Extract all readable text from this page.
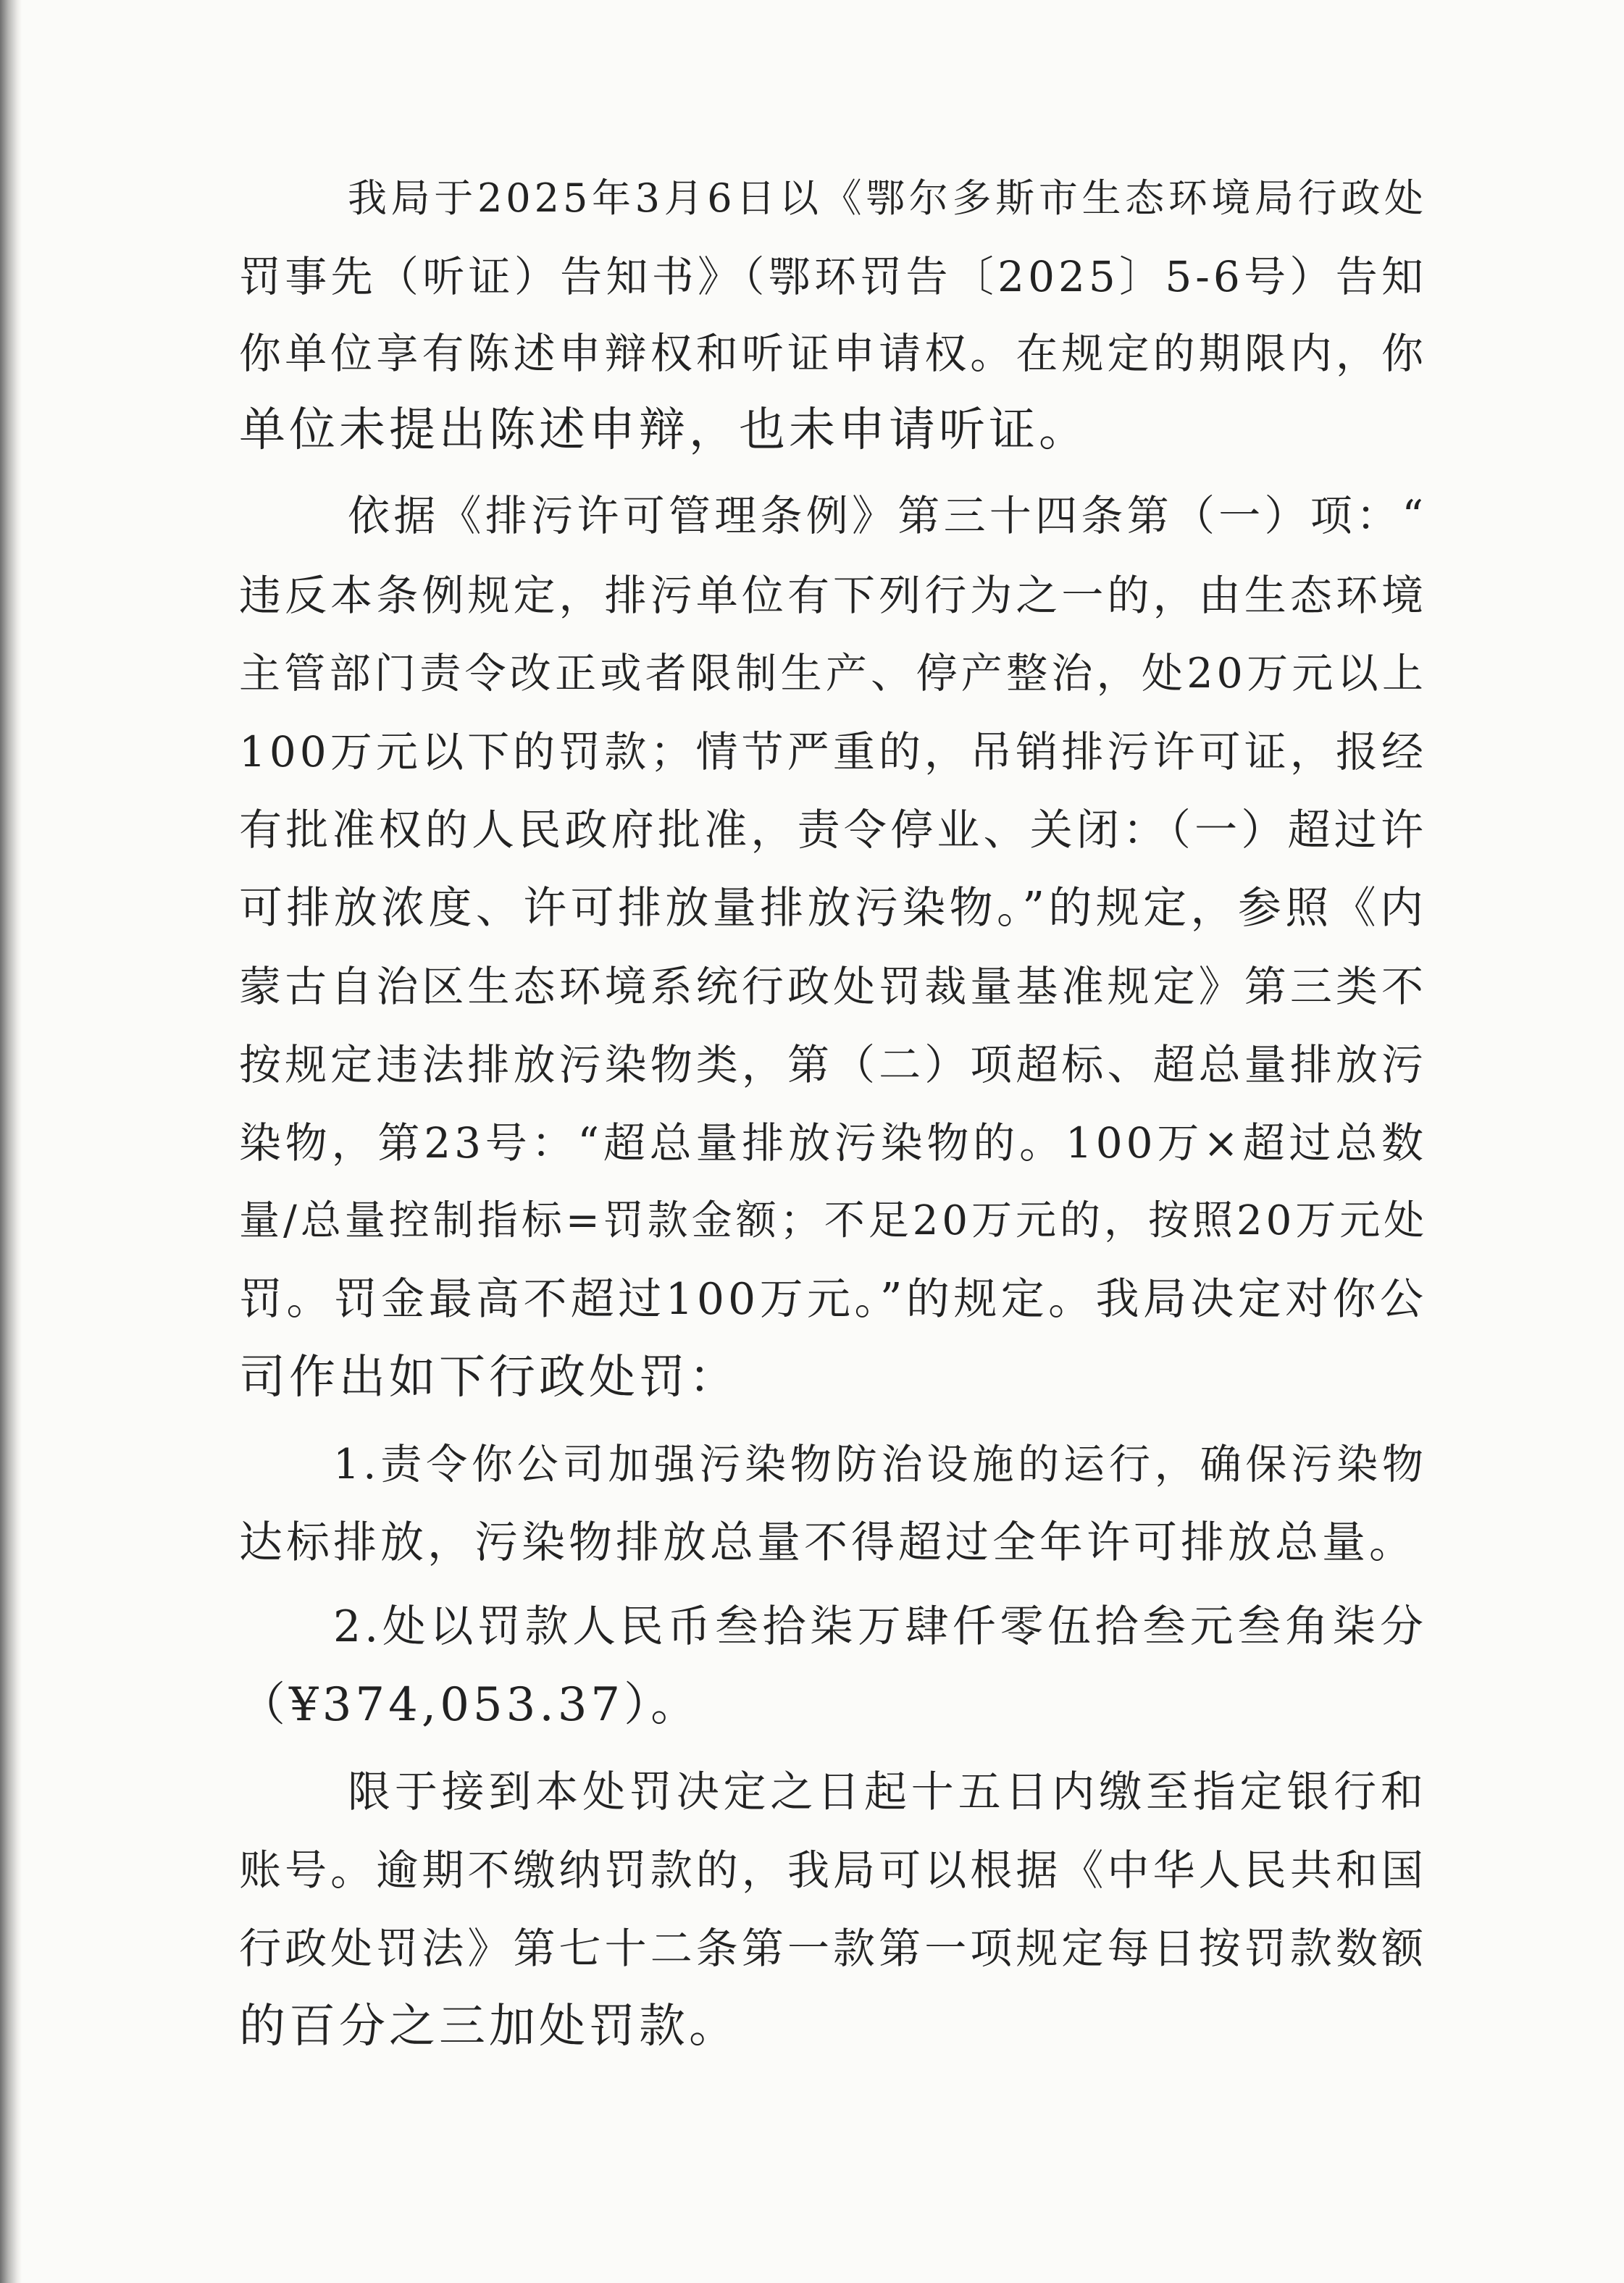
我局于2025年3月6日以《鄂尔多斯市生态环境局行政处
罚事先（听证）告知书》（鄂环罚告〔2025〕5-6号）告知
你单位享有陈述申辩权和听证申请权。在规定的期限内，你
单位未提出陈述申辩，也未申请听证。
依据《排污许可管理条例》第三十四条第（一）项：“
违反本条例规定，排污单位有下列行为之一的，由生态环境
主管部门责令改正或者限制生产、停产整治，处20万元以上
100万元以下的罚款；情节严重的，吊销排污许可证，报经
有批准权的人民政府批准，责令停业、关闭：（一）超过许
可排放浓度、许可排放量排放污染物。”的规定，参照《内
蒙古自治区生态环境系统行政处罚裁量基准规定》第三类不
按规定违法排放污染物类，第（二）项超标、超总量排放污
染物，第23号：“超总量排放污染物的。100万×超过总数
量/总量控制指标=罚款金额；不足20万元的，按照20万元处
罚。罚金最高不超过100万元。”的规定。我局决定对你公
司作出如下行政处罚：
1.责令你公司加强污染物防治设施的运行，确保污染物
达标排放，污染物排放总量不得超过全年许可排放总量。
2.处以罚款人民币叁拾柒万肆仟零伍拾叁元叁角柒分
（¥374,053.37）。
限于接到本处罚决定之日起十五日内缴至指定银行和
账号。逾期不缴纳罚款的，我局可以根据《中华人民共和国
行政处罚法》第七十二条第一款第一项规定每日按罚款数额
的百分之三加处罚款。
